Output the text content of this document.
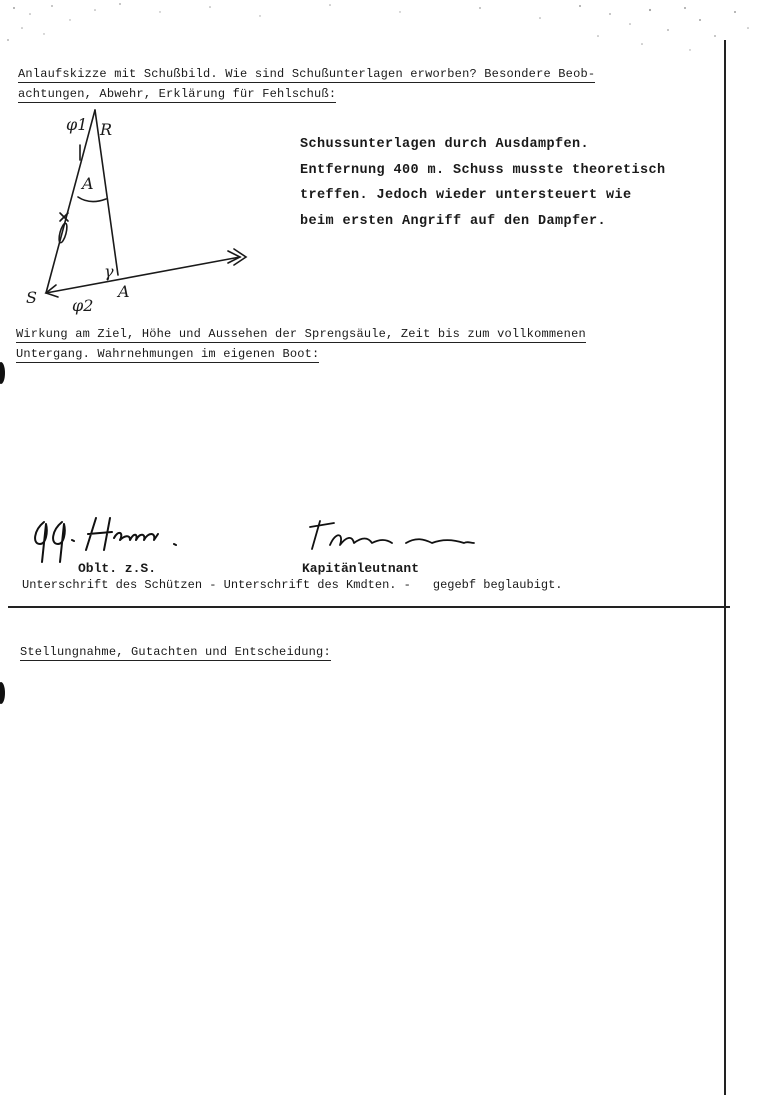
Anlaufskizze mit Schußbild. Wie sind Schußunterlagen erworben? Besondere Beob-
achtungen, Abwehr, Erklärung für Fehlschuß:
φ1 R
A
γ
S φ2
A
Schussunterlagen durch Ausdampfen.
Entfernung 400 m. Schuss musste theoretisch
treffen. Jedoch wieder untersteuert wie
beim ersten Angriff auf den Dampfer.
Wirkung am Ziel, Höhe und Aussehen der Sprengsäule, Zeit bis zum vollkommenen
Untergang. Wahrnehmungen im eigenen Boot:
Oblt. z.S.	Kapitänleutnant
Unterschrift des Schützen - Unterschrift des Kmdten. - gegebf beglaubigt.
Stellungnahme, Gutachten und Entscheidung:
